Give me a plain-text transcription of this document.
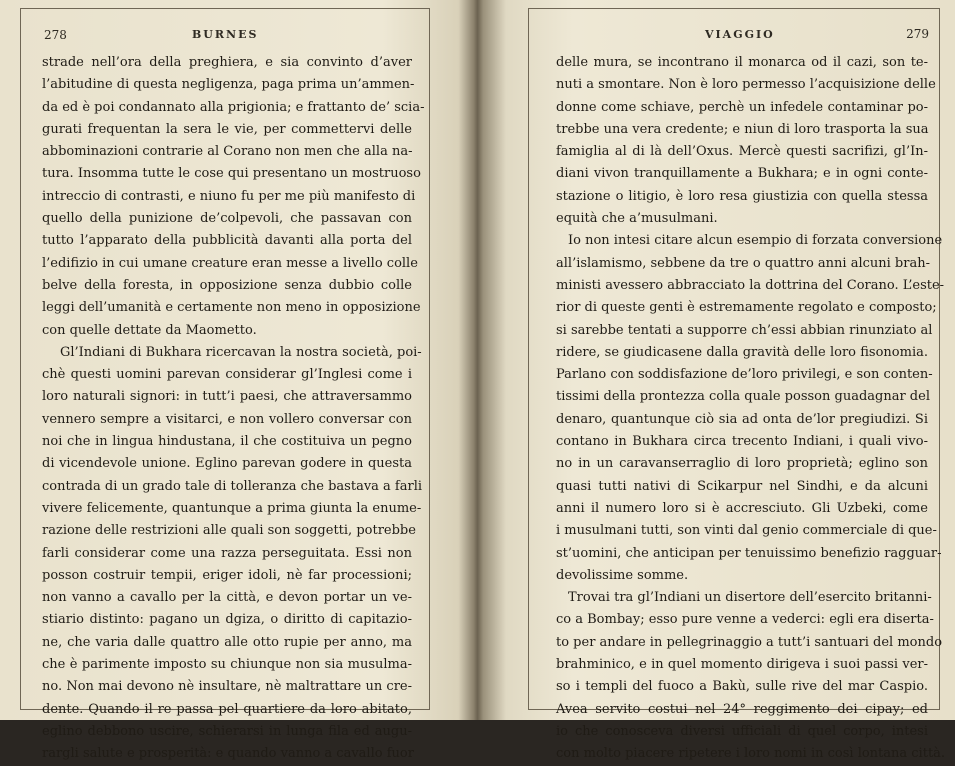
278	BURNES
strade nell’ora della preghiera, e sia convinto d’aver
l’abitudine di questa negligenza, paga prima un’ammen-
da ed è poi condannato alla prigionia; e frattanto de’ scia-
gurati frequentan la sera le vie, per commettervi delle
abbominazioni contrarie al Corano non men che alla na-
tura. Insomma tutte le cose qui presentano un mostruoso
intreccio di contrasti, e niuno fu per me più manifesto di
quello della punizione de’colpevoli, che passavan con
tutto l’apparato della pubblicità davanti alla porta del
l’edifizio in cui umane creature eran messe a livello colle
belve della foresta, in opposizione senza dubbio colle
leggi dell’umanità e certamente non meno in opposizione
con quelle dettate da Maometto.
Gl’Indiani di Bukhara ricercavan la nostra società, poi-
chè questi uomini parevan considerar gl’Inglesi come i
loro naturali signori: in tutt’i paesi, che attraversammo
vennero sempre a visitarci, e non vollero conversar con
noi che in lingua hindustana, il che costituiva un pegno
di vicendevole unione. Eglino parevan godere in questa
contrada di un grado tale di tolleranza che bastava a farli
vivere felicemente, quantunque a prima giunta la enume-
razione delle restrizioni alle quali son soggetti, potrebbe
farli considerar come una razza perseguitata. Essi non
posson costruir tempii, eriger idoli, nè far processioni;
non vanno a cavallo per la città, e devon portar un ve-
stiario distinto: pagano un dgiza, o diritto di capitazio-
ne, che varia dalle quattro alle otto rupie per anno, ma
che è parimente imposto su chiunque non sia musulma-
no. Non mai devono nè insultare, nè maltrattare un cre-
dente. Quando il re passa pel quartiere da loro abitato,
eglino debbono uscire, schierarsi in lunga fila ed augu-
rargli salute e prosperità: e quando vanno a cavallo fuor
VIAGGIO	279
delle mura, se incontrano il monarca od il cazi, son te-
nuti a smontare. Non è loro permesso l’acquisizione delle
donne come schiave, perchè un infedele contaminar po-
trebbe una vera credente; e niun di loro trasporta la sua
famiglia al di là dell’Oxus. Mercè questi sacrifizi, gl’In-
diani vivon tranquillamente a Bukhara; e in ogni conte-
stazione o litigio, è loro resa giustizia con quella stessa
equità che a’musulmani.
Io non intesi citare alcun esempio di forzata conversione
all’islamismo, sebbene da tre o quattro anni alcuni brah-
ministi avessero abbracciato la dottrina del Corano. L’este-
rior di queste genti è estremamente regolato e composto;
si sarebbe tentati a supporre ch’essi abbian rinunziato al
ridere, se giudicasene dalla gravità delle loro fisonomia.
Parlano con soddisfazione de’loro privilegi, e son conten-
tissimi della prontezza colla quale posson guadagnar del
denaro, quantunque ciò sia ad onta de’lor pregiudizi. Si
contano in Bukhara circa trecento Indiani, i quali vivo-
no in un caravanserraglio di loro proprietà; eglino son
quasi tutti nativi di Scikarpur nel Sindhi, e da alcuni
anni il numero loro si è accresciuto. Gli Uzbeki, come
i musulmani tutti, son vinti dal genio commerciale di que-
st’uomini, che anticipan per tenuissimo benefizio ragguar-
devolissime somme.
Trovai tra gl’Indiani un disertore dell’esercito britanni-
co a Bombay; esso pure venne a vederci: egli era diserta-
to per andare in pellegrinaggio a tutt’i santuari del mondo
brahminico, e in quel momento dirigeva i suoi passi ver-
so i templi del fuoco a Bakù, sulle rive del mar Caspio.
Avea servito costui nel 24° reggimento dei cipay; ed
io che conosceva diversi ufficiali di quel corpo, intesi
con molto piacere ripetere i loro nomi in così lontana città.
